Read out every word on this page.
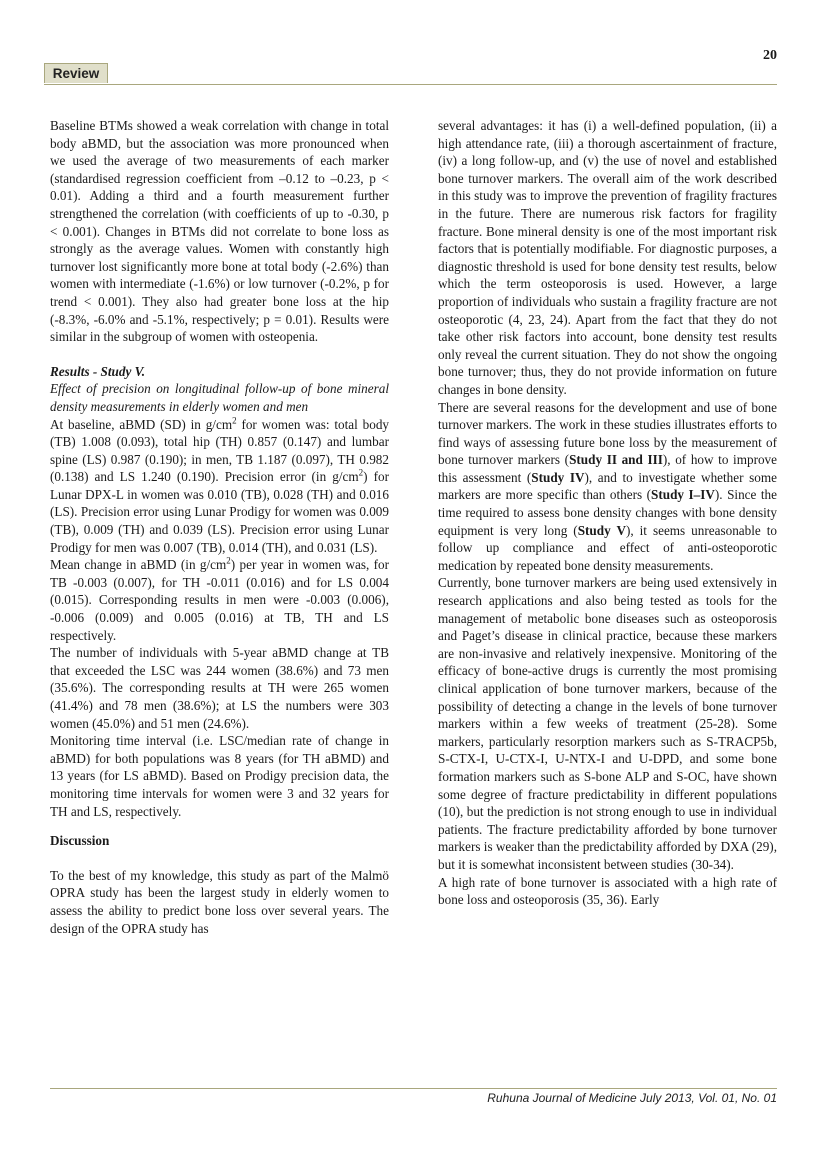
20
Review

Baseline BTMs showed a weak correlation with change in total body aBMD, but the association was more pronounced when we used the average of two measurements of each marker (standardised regression coefficient from –0.12 to –0.23, p < 0.01). Adding a third and a fourth measurement further strengthened the correlation (with coefficients of up to -0.30, p < 0.001). Changes in BTMs did not correlate to bone loss as strongly as the average values. Women with constantly high turnover lost significantly more bone at total body (-2.6%) than women with intermediate (-1.6%) or low turnover (-0.2%, p for trend < 0.001). They also had greater bone loss at the hip (-8.3%, -6.0% and -5.1%, respectively; p = 0.01). Results were similar in the subgroup of women with osteopenia.

Results - Study V.

Effect of precision on longitudinal follow-up of bone mineral density measurements in elderly women and men

At baseline, aBMD (SD) in $g/cm^2$ for women was: total body (TB) 1.008 (0.093), total hip (TH) 0.857 (0.147) and lumbar spine (LS) 0.987 (0.190); in men, TB 1.187 (0.097), TH 0.982 (0.138) and LS 1.240 (0.190). Precision error (in $g/cm^2$) for Lunar DPX-L in women was 0.010 (TB), 0.028 (TH) and 0.016 (LS). Precision error using Lunar Prodigy for women was 0.009 (TB), 0.009 (TH) and 0.039 (LS). Precision error using Lunar Prodigy for men was 0.007 (TB), 0.014 (TH), and 0.031 (LS).

Mean change in aBMD (in $g/cm^2$) per year in women was, for TB -0.003 (0.007), for TH -0.011 (0.016) and for LS 0.004 (0.015). Corresponding results in men were -0.003 (0.006), -0.006 (0.009) and 0.005 (0.016) at TB, TH and LS respectively.

The number of individuals with 5-year aBMD change at TB that exceeded the LSC was 244 women (38.6%) and 73 men (35.6%). The corresponding results at TH were 265 women (41.4%) and 78 men (38.6%); at LS the numbers were 303 women (45.0%) and 51 men (24.6%).

Monitoring time interval (i.e. LSC/median rate of change in aBMD) for both populations was 8 years (for TH aBMD) and 13 years (for LS aBMD). Based on Prodigy precision data, the monitoring time intervals for women were 3 and 32 years for TH and LS, respectively.

Discussion

To the best of my knowledge, this study as part of the Malmö OPRA study has been the largest study in elderly women to assess the ability to predict bone loss over several years. The design of the OPRA study has

several advantages: it has (i) a well-defined population, (ii) a high attendance rate, (iii) a thorough ascertainment of fracture, (iv) a long follow-up, and (v) the use of novel and established bone turnover markers. The overall aim of the work described in this study was to improve the prevention of fragility fractures in the future. There are numerous risk factors for fragility fracture. Bone mineral density is one of the most important risk factors that is potentially modifiable. For diagnostic purposes, a diagnostic threshold is used for bone density test results, below which the term osteoporosis is used. However, a large proportion of individuals who sustain a fragility fracture are not osteoporotic (4, 23, 24). Apart from the fact that they do not take other risk factors into account, bone density test results only reveal the current situation. They do not show the ongoing bone turnover; thus, they do not provide information on future changes in bone density.

There are several reasons for the development and use of bone turnover markers. The work in these studies illustrates efforts to find ways of assessing future bone loss by the measurement of bone turnover markers (Study II and III), of how to improve this assessment (Study IV), and to investigate whether some markers are more specific than others (Study I–IV). Since the time required to assess bone density changes with bone density equipment is very long (Study V), it seems unreasonable to follow up compliance and effect of anti-osteoporotic medication by repeated bone density measurements.

Currently, bone turnover markers are being used extensively in research applications and also being tested as tools for the management of metabolic bone diseases such as osteoporosis and Paget’s disease in clinical practice, because these markers are non-invasive and relatively inexpensive. Monitoring of the efficacy of bone-active drugs is currently the most promising clinical application of bone turnover markers, because of the possibility of detecting a change in the levels of bone turnover markers within a few weeks of treatment (25-28). Some markers, particularly resorption markers such as S-TRACP5b, S-CTX-I, U-CTX-I, U-NTX-I and U-DPD, and some bone formation markers such as S-bone ALP and S-OC, have shown some degree of fracture predictability in different populations (10), but the prediction is not strong enough to use in individual patients. The fracture predictability afforded by bone turnover markers is weaker than the predictability afforded by DXA (29), but it is somewhat inconsistent between studies (30-34).

A high rate of bone turnover is associated with a high rate of bone loss and osteoporosis (35, 36). Early

Ruhuna Journal of Medicine July 2013, Vol. 01, No. 01
